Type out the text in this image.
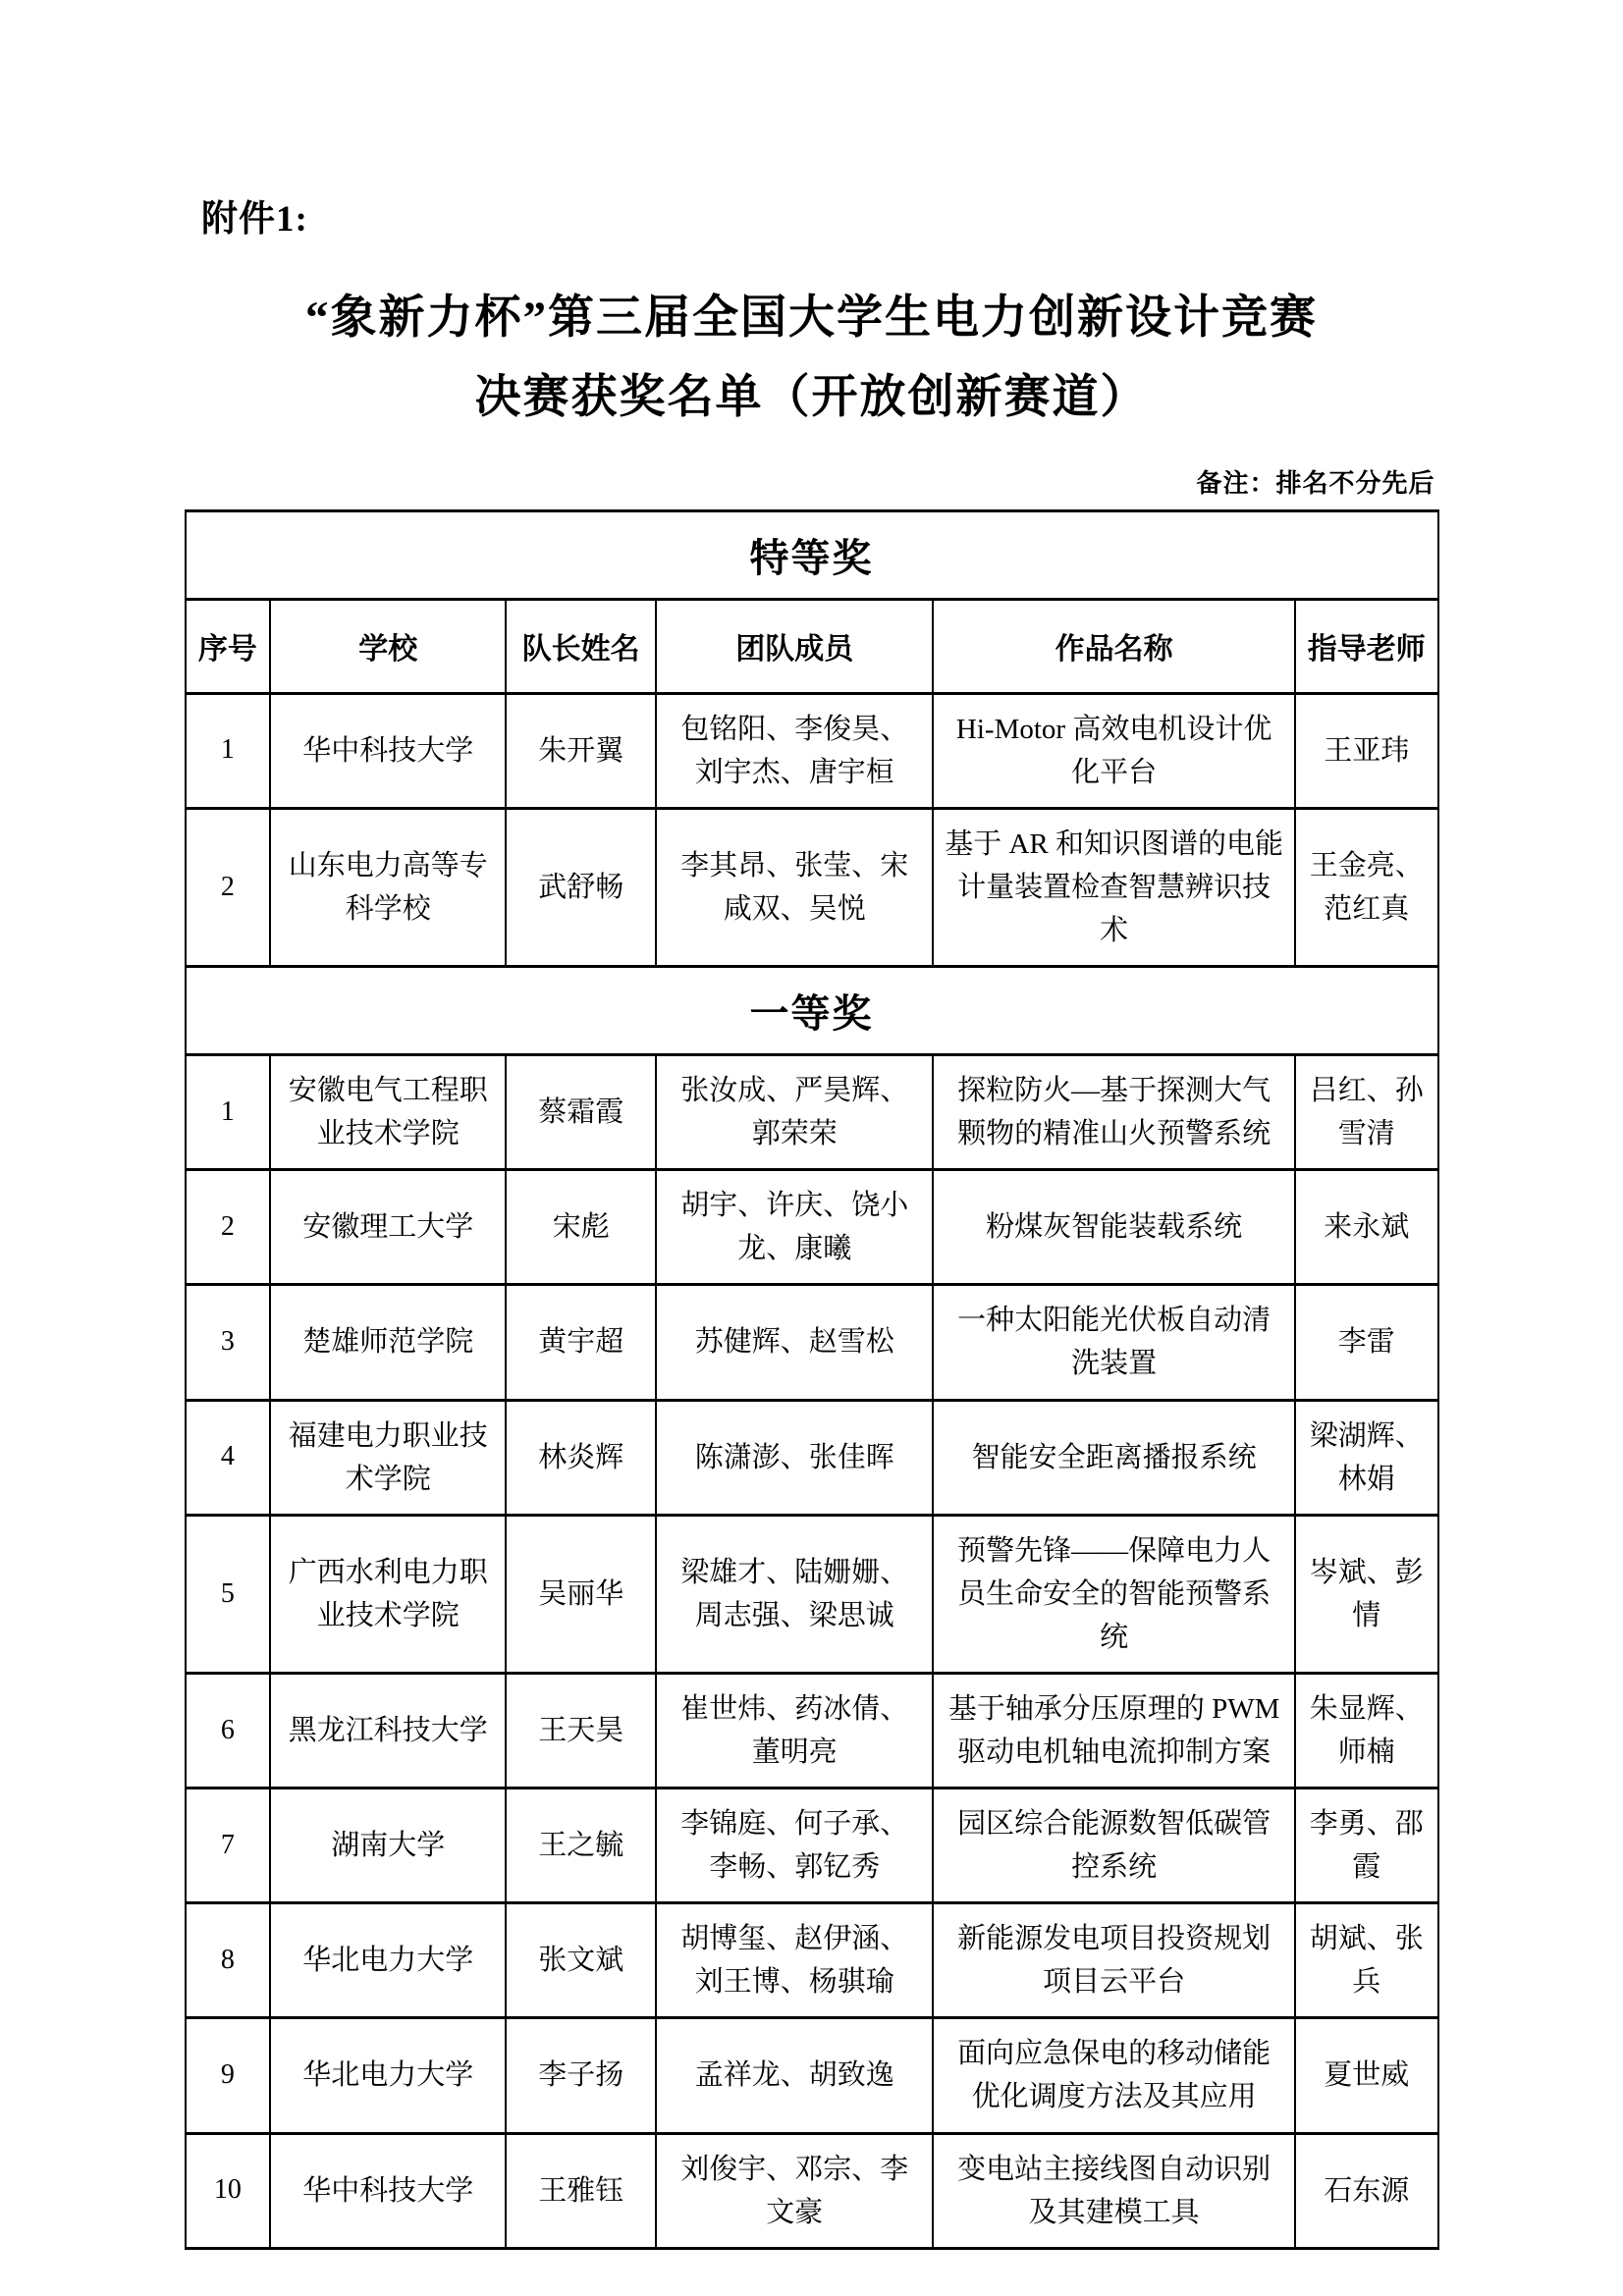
附件1:
“象新力杯”第三届全国大学生电力创新设计竞赛
决赛获奖名单（开放创新赛道）
备注：排名不分先后
特等奖					
序号	学校	队长姓名	团队成员	作品名称	指导老师
1	华中科技大学	朱开翼	包铭阳、李俊昊、刘宇杰、唐宇桓	Hi-Motor 高效电机设计优化平台	王亚玮
2	山东电力高等专科学校	武舒畅	李其昂、张莹、宋咸双、吴悦	基于 AR 和知识图谱的电能计量装置检查智慧辨识技术	王金亮、范红真
一等奖					
1	安徽电气工程职业技术学院	蔡霜霞	张汝成、严昊辉、郭荣荣	探粒防火—基于探测大气颗物的精准山火预警系统	吕红、孙雪清
2	安徽理工大学	宋彪	胡宇、许庆、饶小龙、康曦	粉煤灰智能装载系统	来永斌
3	楚雄师范学院	黄宇超	苏健辉、赵雪松	一种太阳能光伏板自动清洗装置	李雷
4	福建电力职业技术学院	林炎辉	陈潇澎、张佳晖	智能安全距离播报系统	梁湖辉、林娟
5	广西水利电力职业技术学院	吴丽华	梁雄才、陆姗姗、周志强、梁思诚	预警先锋——保障电力人员生命安全的智能预警系统	岑斌、彭情
6	黑龙江科技大学	王天昊	崔世炜、药冰倩、董明亮	基于轴承分压原理的 PWM 驱动电机轴电流抑制方案	朱显辉、师楠
7	湖南大学	王之毓	李锦庭、何子承、李畅、郭钇秀	园区综合能源数智低碳管控系统	李勇、邵霞
8	华北电力大学	张文斌	胡博玺、赵伊涵、刘王博、杨骐瑜	新能源发电项目投资规划项目云平台	胡斌、张兵
9	华北电力大学	李子扬	孟祥龙、胡致逸	面向应急保电的移动储能优化调度方法及其应用	夏世威
10	华中科技大学	王雅钰	刘俊宇、邓宗、李文豪	变电站主接线图自动识别及其建模工具	石东源
